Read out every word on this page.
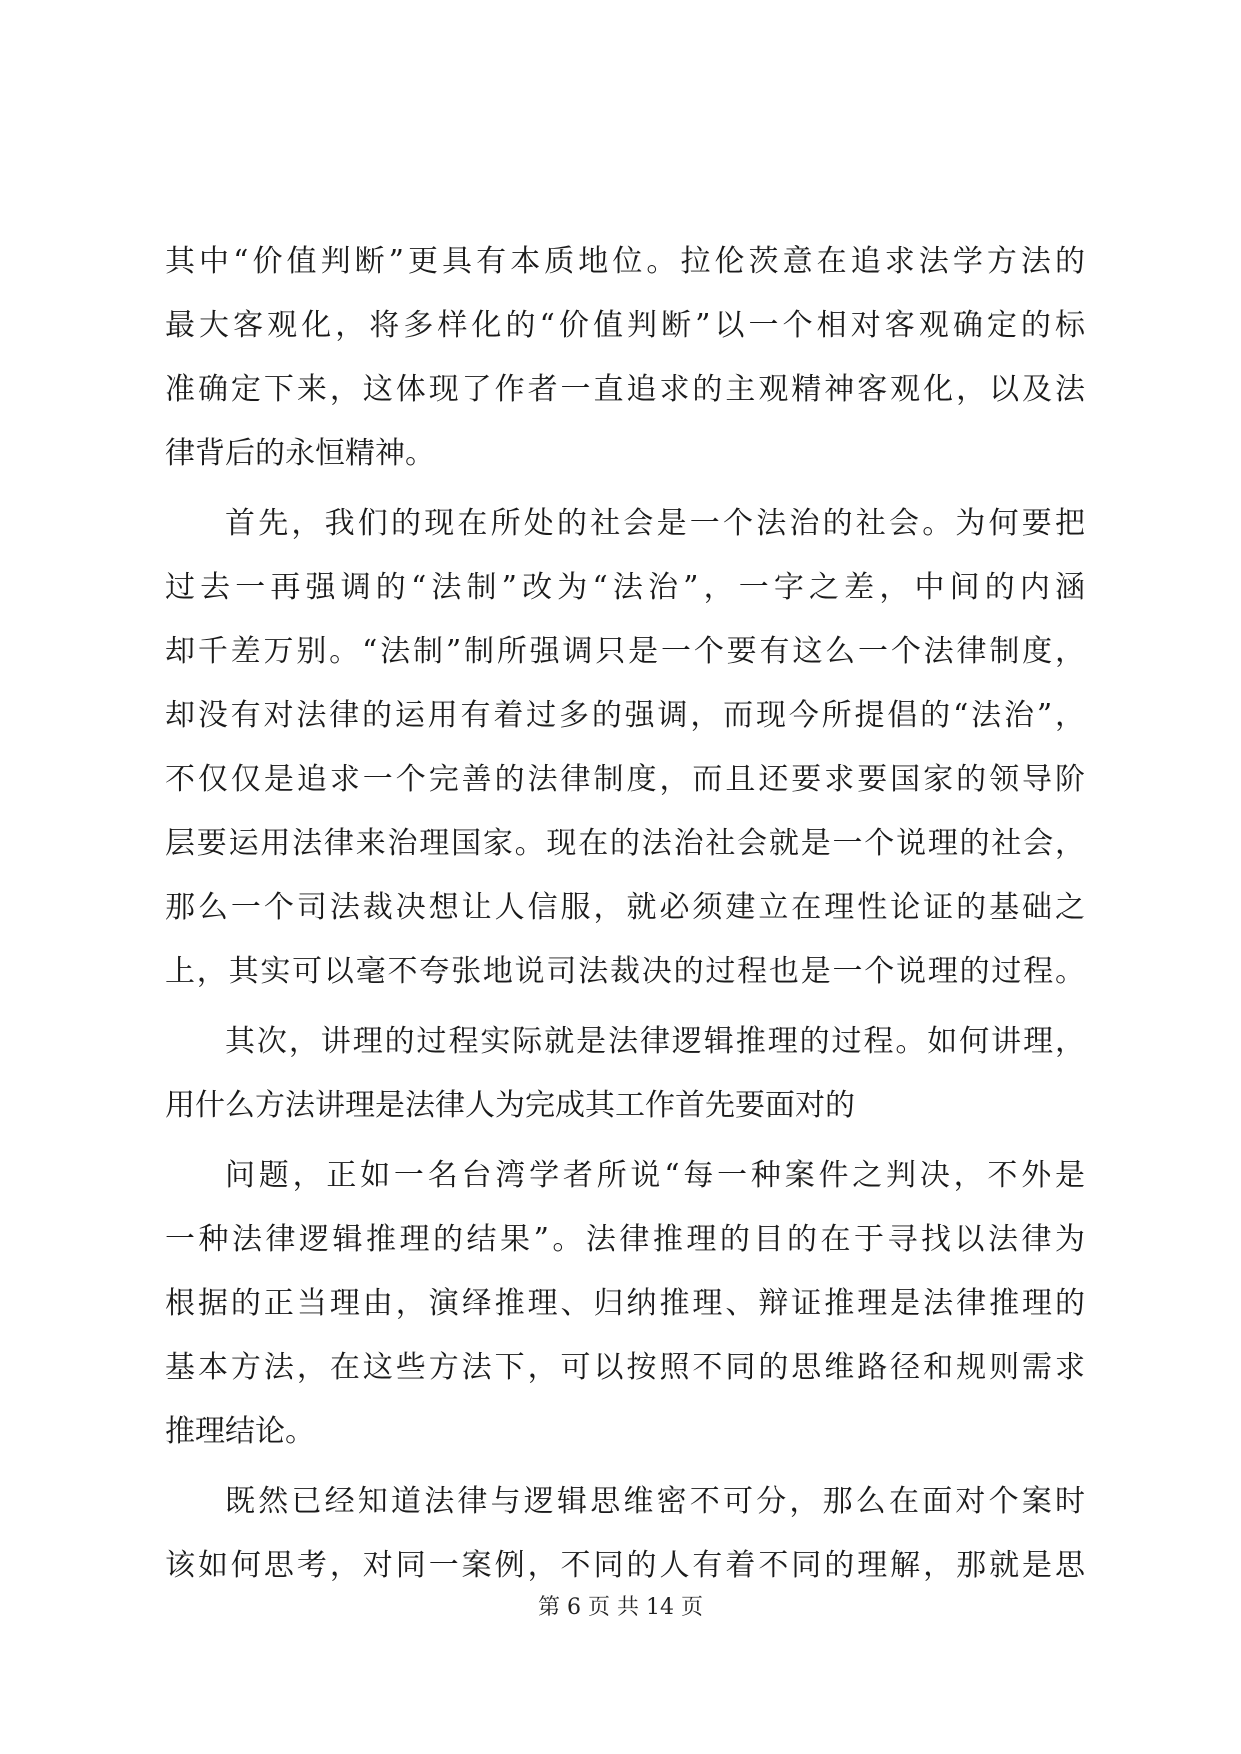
其中“价值判断”更具有本质地位。拉伦茨意在追求法学方法的
最大客观化，将多样化的“价值判断”以一个相对客观确定的标
准确定下来，这体现了作者一直追求的主观精神客观化，以及法
律背后的永恒精神。
首先，我们的现在所处的社会是一个法治的社会。为何要把
过去一再强调的“法制”改为“法治”，一字之差，中间的内涵
却千差万别。“法制”制所强调只是一个要有这么一个法律制度，
却没有对法律的运用有着过多的强调，而现今所提倡的“法治”，
不仅仅是追求一个完善的法律制度，而且还要求要国家的领导阶
层要运用法律来治理国家。现在的法治社会就是一个说理的社会，
那么一个司法裁决想让人信服，就必须建立在理性论证的基础之
上，其实可以毫不夸张地说司法裁决的过程也是一个说理的过程。
其次，讲理的过程实际就是法律逻辑推理的过程。如何讲理，
用什么方法讲理是法律人为完成其工作首先要面对的
问题，正如一名台湾学者所说“每一种案件之判决，不外是
一种法律逻辑推理的结果”。法律推理的目的在于寻找以法律为
根据的正当理由，演绎推理、归纳推理、辩证推理是法律推理的
基本方法，在这些方法下，可以按照不同的思维路径和规则需求
推理结论。
既然已经知道法律与逻辑思维密不可分，那么在面对个案时
该如何思考，对同一案例，不同的人有着不同的理解，那就是思
第 6 页 共 14 页
